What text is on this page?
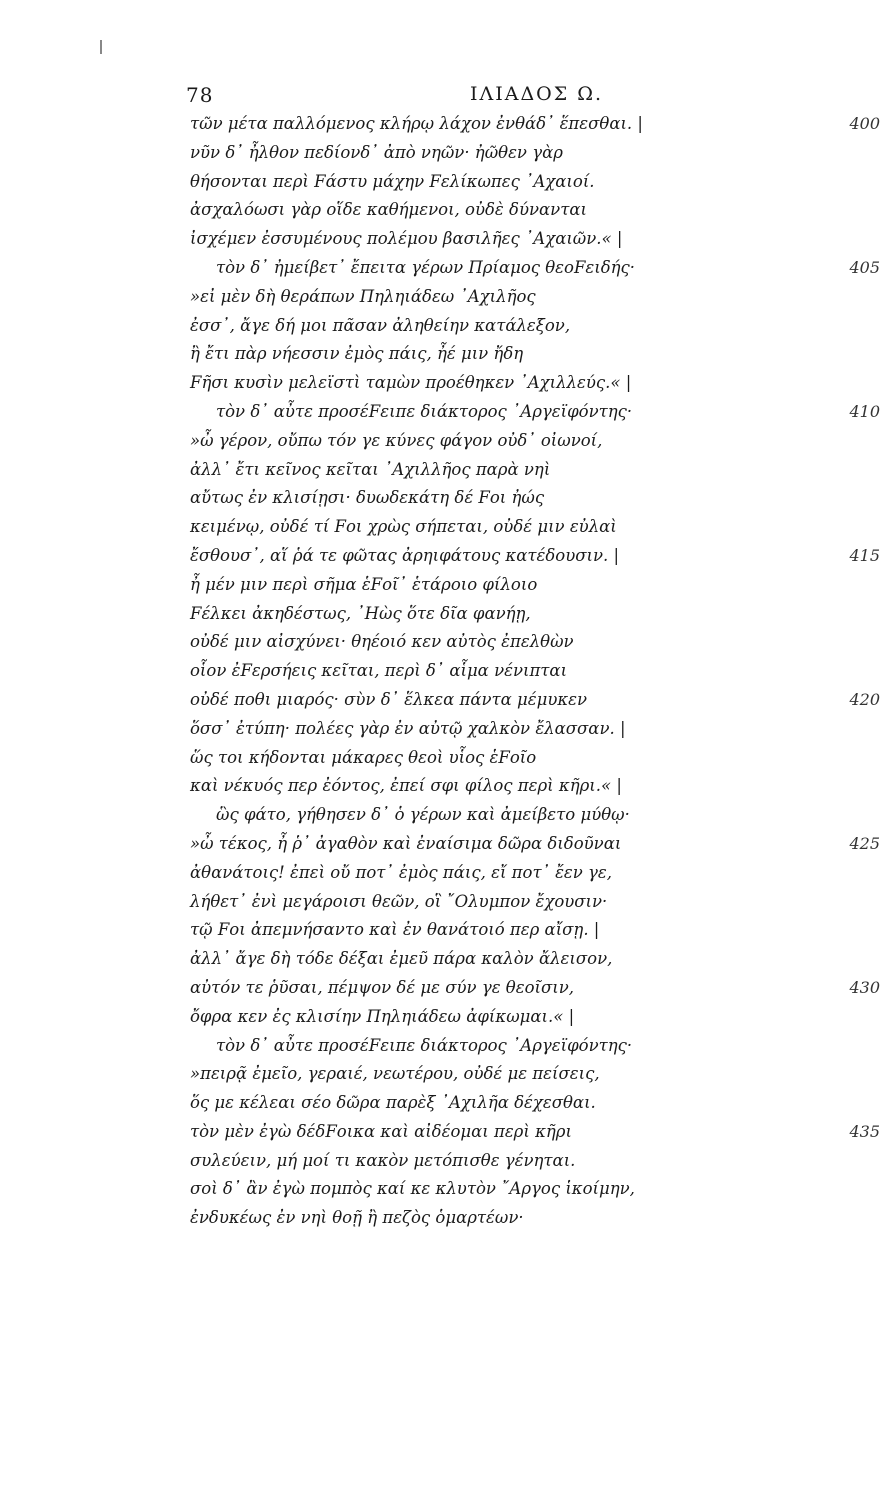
78	ΙΛΙΑΔΟΣ Ω.
τῶν μέτα παλλόμενος κλήρῳ λάχον ἐνθάδ᾽ ἕπεσθαι. |	400
νῦν δ᾽ ἦλθον πεδίονδ᾽ ἀπὸ νηῶν· ἠῶθεν γὰρ
θήσονται περὶ Fάστυ μάχην Fελίκωπες ᾽Αχαιοί.
ἀσχαλόωσι γὰρ οἵδε καθήμενοι, οὐδὲ δύνανται
ἰσχέμεν ἐσσυμένους πολέμου βασιλῆες ᾽Αχαιῶν.« |
τὸν δ᾽ ἠμείβετ᾽ ἔπειτα γέρων Πρίαμος θεοFειδής·	405
»εἰ μὲν δὴ θεράπων Πηληιάδεω ᾽Αχιλῆος
ἐσσ᾽, ἄγε δή μοι πᾶσαν ἀληθείην κατάλεξον,
ἢ ἔτι πὰρ νήεσσιν ἐμὸς πάις, ἦέ μιν ἤδη
Fῆσι κυσὶν μελεϊστὶ ταμὼν προέθηκεν ᾽Αχιλλεύς.« |
τὸν δ᾽ αὖτε προσέFειπε διάκτορος ᾽Αργεϊφόντης·	410
»ὦ γέρον, οὔπω τόν γε κύνες φάγον οὐδ᾽ οἰωνοί,
ἀλλ᾽ ἔτι κεῖνος κεῖται ᾽Αχιλλῆος παρὰ νηὶ
αὔτως ἐν κλισίῃσι· δυωδεκάτη δέ Fοι ἠώς
κειμένῳ, οὐδέ τί Fοι χρὼς σήπεται, οὐδέ μιν εὐλαὶ
ἔσθουσ᾽, αἵ ῥά τε φῶτας ἀρηιφάτους κατέδουσιν. |	415
ἦ μέν μιν περὶ σῆμα ἑFοῖ᾽ ἑτάροιο φίλοιο
Fέλκει ἀκηδέστως, ᾽Ηὼς ὅτε δῖα φανήῃ,
οὐδέ μιν αἰσχύνει· θηέοιό κεν αὐτὸς ἐπελθὼν
οἷον ἐFερσήεις κεῖται, περὶ δ᾽ αἷμα νένιπται
οὐδέ ποθι μιαρός· σὺν δ᾽ ἕλκεα πάντα μέμυκεν	420
ὅσσ᾽ ἐτύπη· πολέες γὰρ ἐν αὐτῷ χαλκὸν ἔλασσαν. |
ὥς τοι κήδονται μάκαρες θεοὶ υἷος ἑFοῖο
καὶ νέκυός περ ἐόντος, ἐπεί σφι φίλος περὶ κῆρι.« |
ὣς φάτο, γήθησεν δ᾽ ὁ γέρων καὶ ἀμείβετο μύθῳ·
»ὦ τέκος, ἦ ῥ᾽ ἀγαθὸν καὶ ἐναίσιμα δῶρα διδοῦναι	425
ἀθανάτοις! ἐπεὶ οὔ ποτ᾽ ἐμὸς πάις, εἴ ποτ᾽ ἔεν γε,
λήθετ᾽ ἐνὶ μεγάροισι θεῶν, οἳ ῎Ολυμπον ἔχουσιν·
τῷ Fοι ἀπεμνήσαντο καὶ ἐν θανάτοιό περ αἴσῃ. |
ἀλλ᾽ ἄγε δὴ τόδε δέξαι ἐμεῦ πάρα καλὸν ἄλεισον,
αὐτόν τε ῥῦσαι, πέμψον δέ με σύν γε θεοῖσιν,	430
ὄφρα κεν ἐς κλισίην Πηληιάδεω ἀφίκωμαι.« |
τὸν δ᾽ αὖτε προσέFειπε διάκτορος ᾽Αργεϊφόντης·
»πειρᾷ ἐμεῖο, γεραιέ, νεωτέρου, οὐδέ με πείσεις,
ὅς με κέλεαι σέο δῶρα παρὲξ ᾽Αχιλῆα δέχεσθαι.
τὸν μὲν ἐγὼ δέδFοικα καὶ αἰδέομαι περὶ κῆρι	435
συλεύειν, μή μοί τι κακὸν μετόπισθε γένηται.
σοὶ δ᾽ ἂν ἐγὼ πομπὸς καί κε κλυτὸν ῎Αργος ἱκοίμην,
ἐνδυκέως ἐν νηὶ θοῇ ἢ πεζὸς ὁμαρτέων·
